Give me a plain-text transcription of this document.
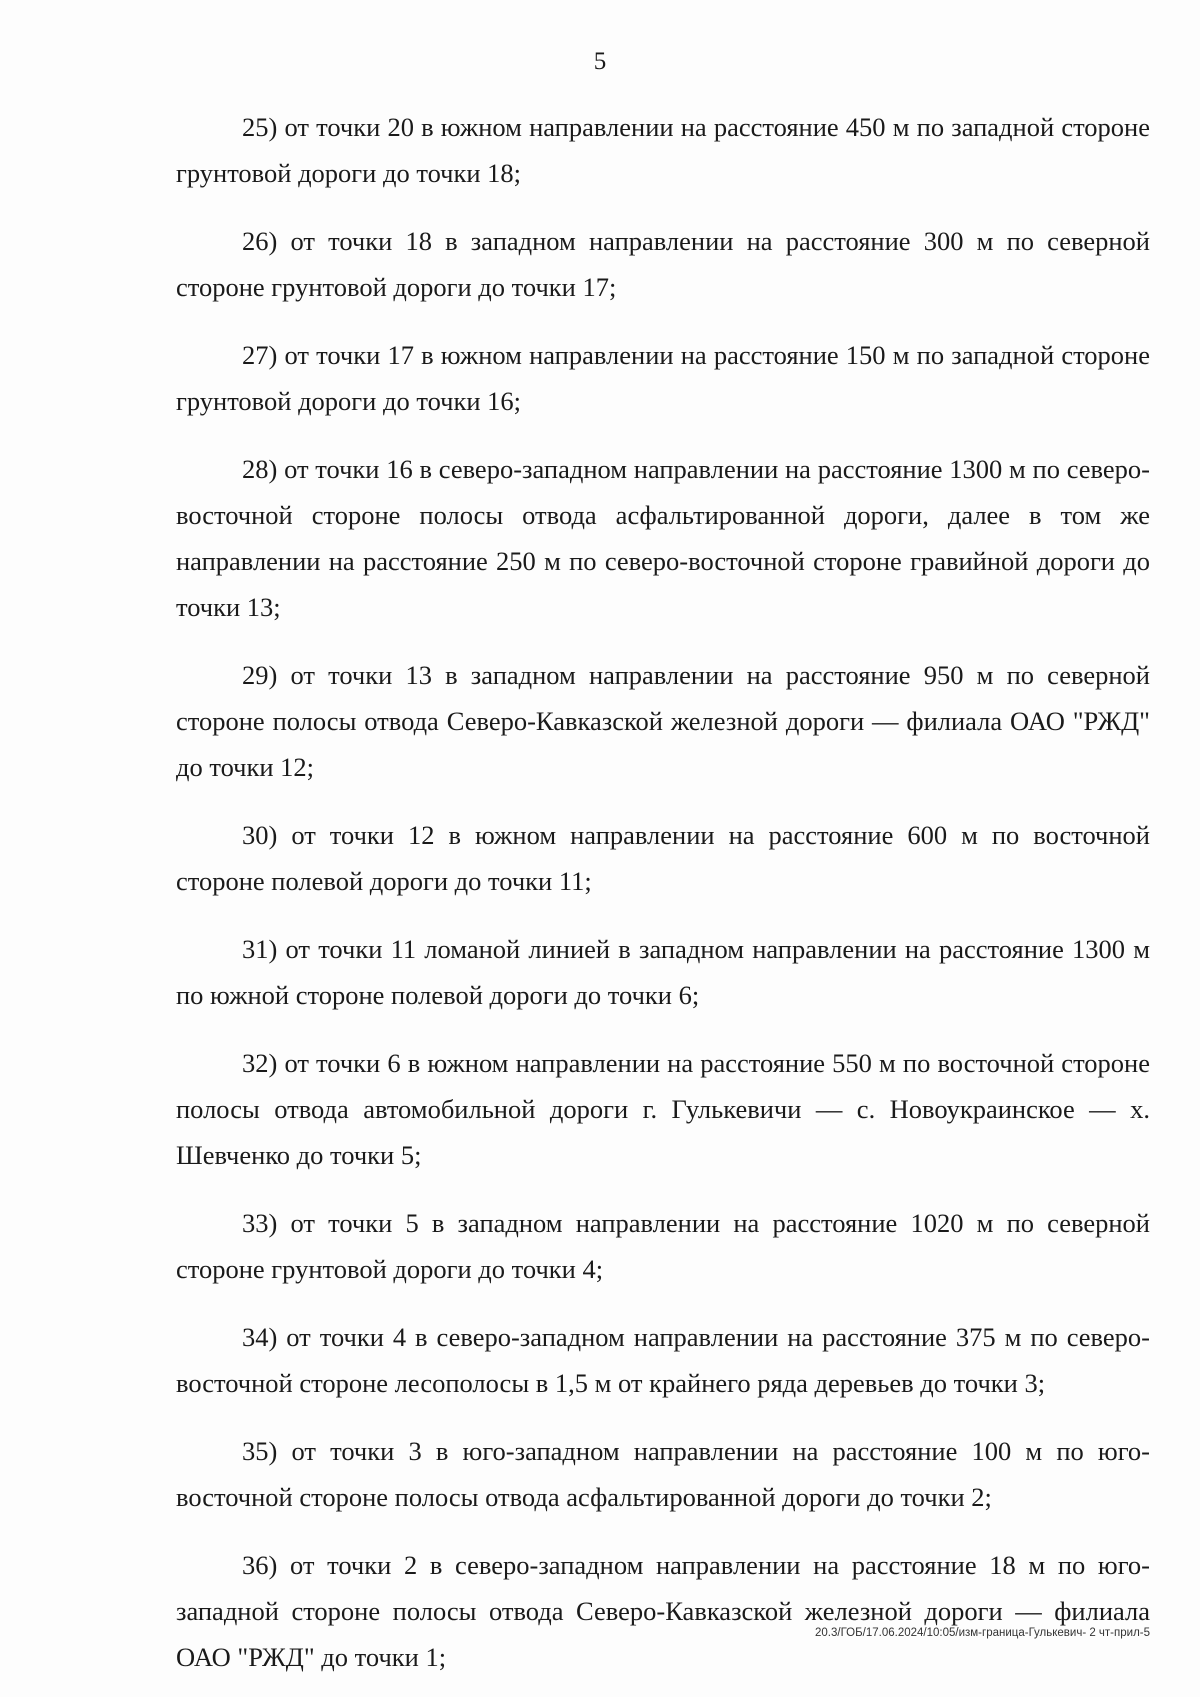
5

25) от точки 20 в южном направлении на расстояние 450 м по западной стороне грунтовой дороги до точки 18;

26) от точки 18 в западном направлении на расстояние 300 м по северной стороне грунтовой дороги до точки 17;

27) от точки 17 в южном направлении на расстояние 150 м по западной стороне грунтовой дороги до точки 16;

28) от точки 16 в северо-западном направлении на расстояние 1300 м по северо-восточной стороне полосы отвода асфальтированной дороги, далее в том же направлении на расстояние 250 м по северо-восточной стороне гравийной дороги до точки 13;

29) от точки 13 в западном направлении на расстояние 950 м по северной стороне полосы отвода Северо-Кавказской железной дороги — филиала ОАО "РЖД" до точки 12;

30) от точки 12 в южном направлении на расстояние 600 м по восточной стороне полевой дороги до точки 11;

31) от точки 11 ломаной линией в западном направлении на расстояние 1300 м по южной стороне полевой дороги до точки 6;

32) от точки 6 в южном направлении на расстояние 550 м по восточной стороне полосы отвода автомобильной дороги г. Гулькевичи — с. Новоукраинское — х. Шевченко до точки 5;

33) от точки 5 в западном направлении на расстояние 1020 м по северной стороне грунтовой дороги до точки 4;

34) от точки 4 в северо-западном направлении на расстояние 375 м по северо-восточной стороне лесополосы в 1,5 м от крайнего ряда деревьев до точки 3;

35) от точки 3 в юго-западном направлении на расстояние 100 м по юго-восточной стороне полосы отвода асфальтированной дороги до точки 2;

36) от точки 2 в северо-западном направлении на расстояние 18 м по юго-западной стороне полосы отвода Северо-Кавказской железной дороги — филиала ОАО "РЖД" до точки 1;

20.3/ГОБ/17.06.2024/10:05/изм-граница-Гулькевич- 2 чт-прил-5
